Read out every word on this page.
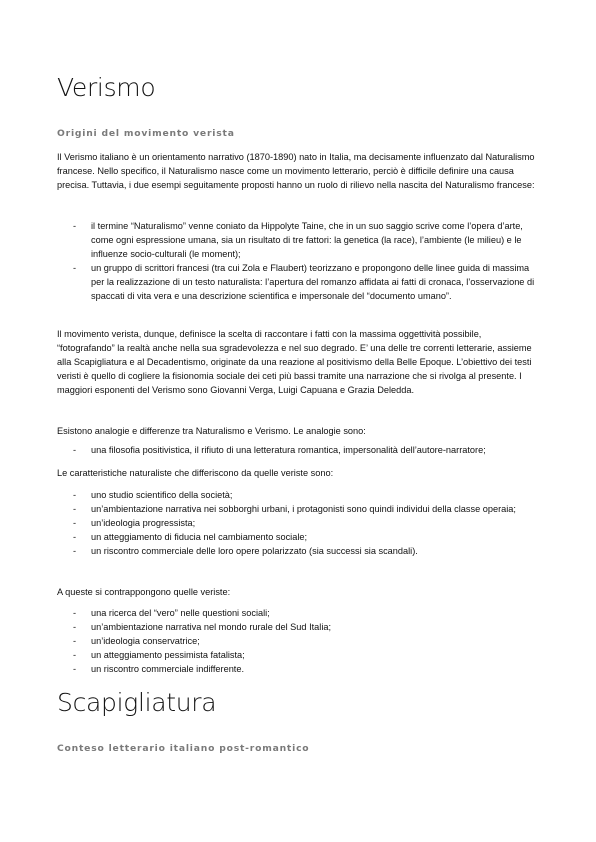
Verismo
Origini del movimento verista

Il Verismo italiano è un orientamento narrativo (1870-1890) nato in Italia, ma decisamente influenzato dal Naturalismo francese. Nello specifico, il Naturalismo nasce come un movimento letterario, perciò è difficile definire una causa precisa. Tuttavia, i due esempi seguitamente proposti hanno un ruolo di rilievo nella nascita del Naturalismo francese:

- il termine “Naturalismo” venne coniato da Hippolyte Taine, che in un suo saggio scrive come l’opera d’arte, come ogni espressione umana, sia un risultato di tre fattori: la genetica (la race), l’ambiente (le milieu) e le influenze socio-culturali (le moment);
- un gruppo di scrittori francesi (tra cui Zola e Flaubert) teorizzano e propongono delle linee guida di massima per la realizzazione di un testo naturalista: l’apertura del romanzo affidata ai fatti di cronaca, l’osservazione di spaccati di vita vera e una descrizione scientifica e impersonale del “documento umano”.

Il movimento verista, dunque, definisce la scelta di raccontare i fatti con la massima oggettività possibile, “fotografando” la realtà anche nella sua sgradevolezza e nel suo degrado. E’ una delle tre correnti letterarie, assieme alla Scapigliatura e al Decadentismo, originate da una reazione al positivismo della Belle Epoque. L’obiettivo dei testi veristi è quello di cogliere la fisionomia sociale dei ceti più bassi tramite una narrazione che si rivolga al presente. I maggiori esponenti del Verismo sono Giovanni Verga, Luigi Capuana e Grazia Deledda.

Esistono analogie e differenze tra Naturalismo e Verismo. Le analogie sono:

- una filosofia positivistica, il rifiuto di una letteratura romantica, impersonalità dell’autore-narratore;

Le caratteristiche naturaliste che differiscono da quelle veriste sono:

- uno studio scientifico della società;
- un’ambientazione narrativa nei sobborghi urbani, i protagonisti sono quindi individui della classe operaia;
- un’ideologia progressista;
- un atteggiamento di fiducia nel cambiamento sociale;
- un riscontro commerciale delle loro opere polarizzato (sia successi sia scandali).

A queste si contrappongono quelle veriste:

- una ricerca del “vero” nelle questioni sociali;
- un’ambientazione narrativa nel mondo rurale del Sud Italia;
- un’ideologia conservatrice;
- un atteggiamento pessimista fatalista;
- un riscontro commerciale indifferente.
Scapigliatura
Conteso letterario italiano post-romantico
